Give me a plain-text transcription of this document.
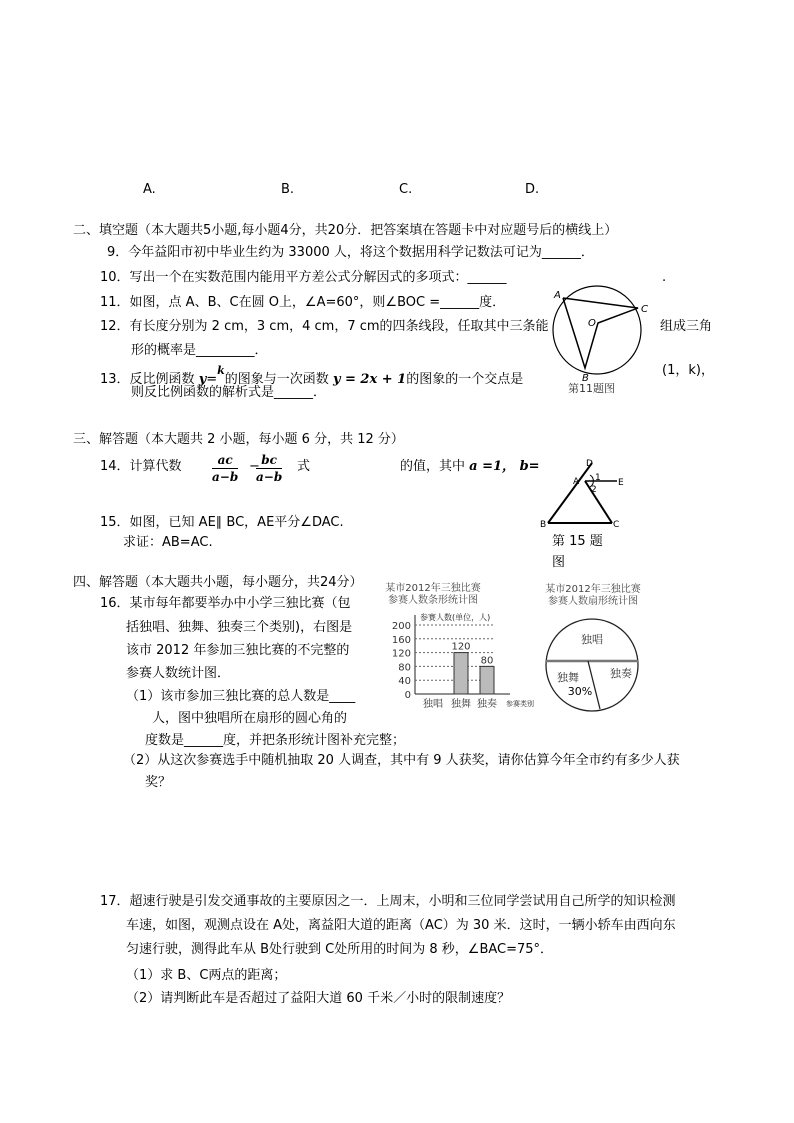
A.	B.	C.	D.
二、填空题（本大题共5小题,每小题4分，共20分．把答案填在答题卡中对应题号后的横线上）
9．今年益阳市初中毕业生约为 33000 人，将这个数据用科学记数法可记为______．
10．写出一个在实数范围内能用平方差公式分解因式的多项式：______	.
11．如图，点 A、B、C在圆 O上，∠A=60°，则∠BOC =______度．
12．有长度分别为 2 cm，3 cm，4 cm，7 cm的四条线段，任取其中三条能	组成三角
形的概率是_________．
13．反比例函数 y=$^k$的图象与一次函数 y = 2x + 1的图象的一个交点是
(1，k)，
则反比例函数的解析式是______．
A
C
O
B
第11题图
三、解答题（本大题共 2 小题，每小题 6 分，共 12 分）
14．计算代数	$\frac{ac}{a-b}$ −
$\frac{bc}{a-b}$ 式	的值，其中 a =1， b=	D
A	E
B	C
1
2
第 15 题
图
15．如图，已知 AE∥ BC，AE平分∠DAC.
求证：AB=AC.
四、解答题（本大题共小题，每小题分，共24分）
16．某市每年都要举办中小学三独比赛（包
括独唱、独舞、独奏三个类别)，右图是
该市 2012 年参加三独比赛的不完整的
参赛人数统计图．
（1）该市参加三独比赛的总人数是____
人，图中独唱所在扇形的圆心角的
度数是______度，并把条形统计图补充完整；
（2）从这次参赛选手中随机抽取 20 人调查，其中有 9 人获奖，请你估算今年全市约有多少人获
奖？
某市2012年三独比赛
参赛人数条形统计图
参赛人数(单位，人)
参赛类别
0
40
80
120
160
200
独唱
120
独舞
80
独奏
某市2012年三独比赛
参赛人数扇形统计图
独唱
独舞	独奏
30%
17．超速行驶是引发交通事故的主要原因之一．上周末，小明和三位同学尝试用自己所学的知识检测
车速，如图，观测点设在 A处，离益阳大道的距离（AC）为 30 米．这时，一辆小轿车由西向东
匀速行驶，测得此车从 B处行驶到 C处所用的时间为 8 秒，∠BAC=75°．
（1）求 B、C两点的距离；
（2）请判断此车是否超过了益阳大道 60 千米／小时的限制速度？
